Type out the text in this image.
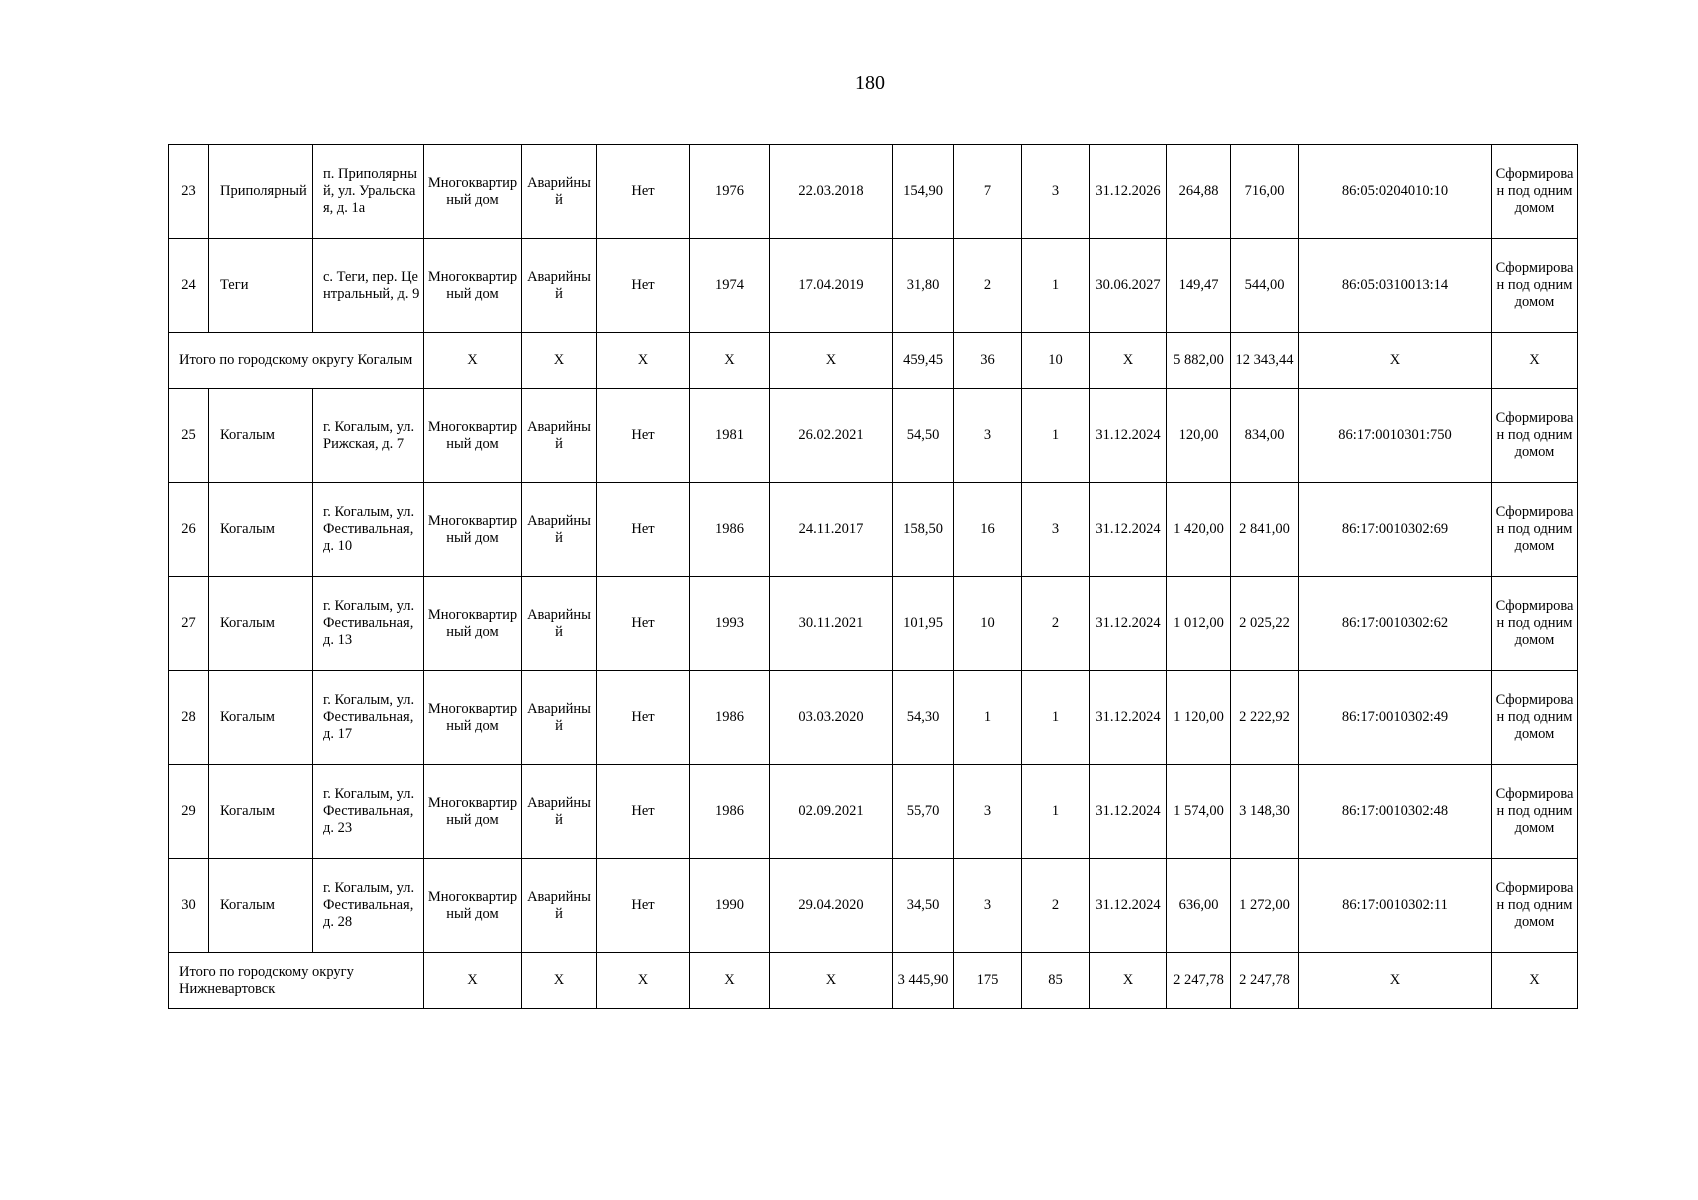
180
23	Приполярный	п. Приполярный, ул. Уральская, д. 1а	Многоквартирный дом	Аварийный	Нет	1976	22.03.2018	154,90	7	3	31.12.2026	264,88	716,00	86:05:0204010:10	Сформирован под одним домом
24	Теги	с. Теги, пер. Центральный, д. 9	Многоквартирный дом	Аварийный	Нет	1974	17.04.2019	31,80	2	1	30.06.2027	149,47	544,00	86:05:0310013:14	Сформирован под одним домом
Итого по городскому округу Когалым			X	X	X	X	X	459,45	36	10	X	5 882,00	12 343,44	X	X
25	Когалым	г. Когалым, ул. Рижская, д. 7	Многоквартирный дом	Аварийный	Нет	1981	26.02.2021	54,50	3	1	31.12.2024	120,00	834,00	86:17:0010301:750	Сформирован под одним домом
26	Когалым	г. Когалым, ул. Фестивальная, д. 10	Многоквартирный дом	Аварийный	Нет	1986	24.11.2017	158,50	16	3	31.12.2024	1 420,00	2 841,00	86:17:0010302:69	Сформирован под одним домом
27	Когалым	г. Когалым, ул. Фестивальная, д. 13	Многоквартирный дом	Аварийный	Нет	1993	30.11.2021	101,95	10	2	31.12.2024	1 012,00	2 025,22	86:17:0010302:62	Сформирован под одним домом
28	Когалым	г. Когалым, ул. Фестивальная, д. 17	Многоквартирный дом	Аварийный	Нет	1986	03.03.2020	54,30	1	1	31.12.2024	1 120,00	2 222,92	86:17:0010302:49	Сформирован под одним домом
29	Когалым	г. Когалым, ул. Фестивальная, д. 23	Многоквартирный дом	Аварийный	Нет	1986	02.09.2021	55,70	3	1	31.12.2024	1 574,00	3 148,30	86:17:0010302:48	Сформирован под одним домом
30	Когалым	г. Когалым, ул. Фестивальная, д. 28	Многоквартирный дом	Аварийный	Нет	1990	29.04.2020	34,50	3	2	31.12.2024	636,00	1 272,00	86:17:0010302:11	Сформирован под одним домом
Итого по городскому округу Нижневартовск			X	X	X	X	X	3 445,90	175	85	X	2 247,78	2 247,78	X	X
